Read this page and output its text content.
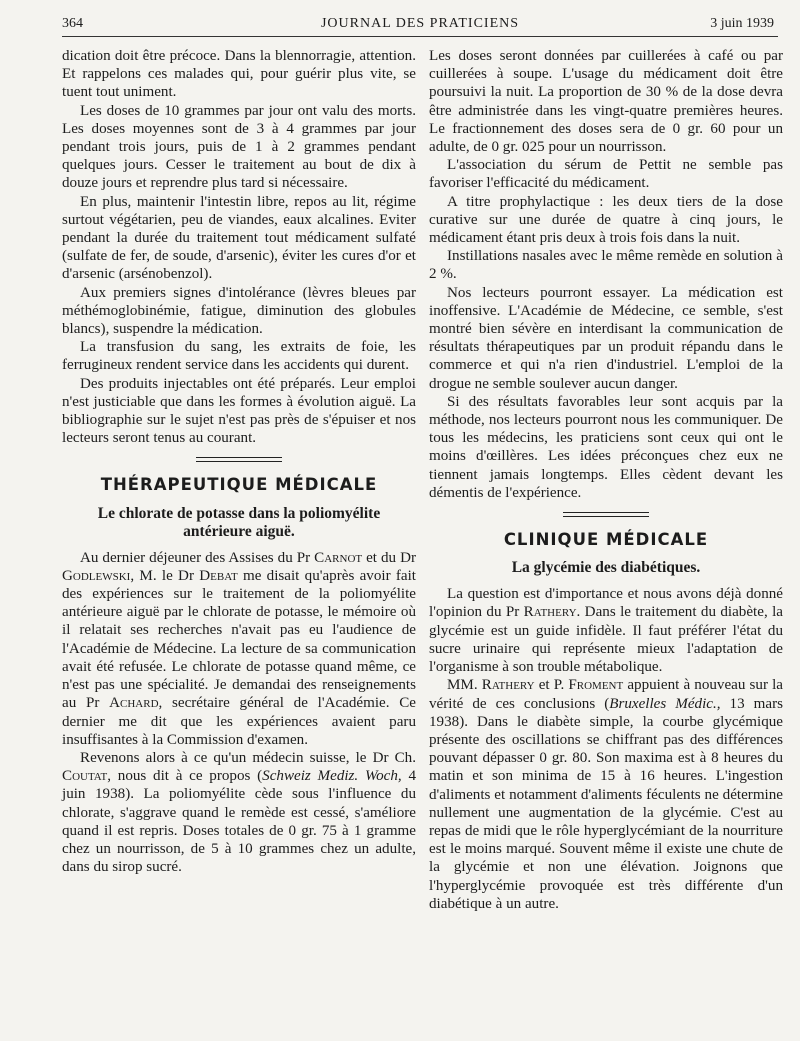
364	JOURNAL DES PRATICIENS	3 juin 1939

dication doit être précoce. Dans la blennorragie, attention. Et rappelons ces malades qui, pour guérir plus vite, se tuent tout uniment.

Les doses de 10 grammes par jour ont valu des morts. Les doses moyennes sont de 3 à 4 grammes par jour pendant trois jours, puis de 1 à 2 grammes pendant quelques jours. Cesser le traitement au bout de dix à douze jours et reprendre plus tard si nécessaire.

En plus, maintenir l'intestin libre, repos au lit, régime surtout végétarien, peu de viandes, eaux alcalines. Eviter pendant la durée du traitement tout médicament sulfaté (sulfate de fer, de soude, d'arsenic), éviter les cures d'or et d'arsenic (arsénobenzol).

Aux premiers signes d'intolérance (lèvres bleues par méthémoglobinémie, fatigue, diminution des globules blancs), suspendre la médication.

La transfusion du sang, les extraits de foie, les ferrugineux rendent service dans les accidents qui durent.

Des produits injectables ont été préparés. Leur emploi n'est justiciable que dans les formes à évolution aiguë. La bibliographie sur le sujet n'est pas près de s'épuiser et nos lecteurs seront tenus au courant.

THÉRAPEUTIQUE MÉDICALE
Le chlorate de potasse dans la poliomyélite antérieure aiguë.

Au dernier déjeuner des Assises du Pr Carnot et du Dr Godlewski, M. le Dr Debat me disait qu'après avoir fait des expériences sur le traitement de la poliomyélite antérieure aiguë par le chlorate de potasse, le mémoire où il relatait ses recherches n'avait pas eu l'audience de l'Académie de Médecine. La lecture de sa communication avait été refusée. Le chlorate de potasse quand même, ce n'est pas une spécialité. Je demandai des renseignements au Pr Achard, secrétaire général de l'Académie. Ce dernier me dit que les expériences avaient paru insuffisantes à la Commission d'examen.

Revenons alors à ce qu'un médecin suisse, le Dr Ch. Coutat, nous dit à ce propos (Schweiz Mediz. Woch, 4 juin 1938). La poliomyélite cède sous l'influence du chlorate, s'aggrave quand le remède est cessé, s'améliore quand il est repris. Doses totales de 0 gr. 75 à 1 gramme chez un nourrisson, de 5 à 10 grammes chez un adulte, dans du sirop sucré.

Les doses seront données par cuillerées à café ou par cuillerées à soupe. L'usage du médicament doit être poursuivi la nuit. La proportion de 30 % de la dose devra être administrée dans les vingt-quatre premières heures. Le fractionnement des doses sera de 0 gr. 60 pour un adulte, de 0 gr. 025 pour un nourrisson.

L'association du sérum de Pettit ne semble pas favoriser l'efficacité du médicament.

A titre prophylactique : les deux tiers de la dose curative sur une durée de quatre à cinq jours, le médicament étant pris deux à trois fois dans la nuit.

Instillations nasales avec le même remède en solution à 2 %.

Nos lecteurs pourront essayer. La médication est inoffensive. L'Académie de Médecine, ce semble, s'est montré bien sévère en interdisant la communication de résultats thérapeutiques par un produit répandu dans le commerce et qui n'a rien d'industriel. L'emploi de la drogue ne semble soulever aucun danger.

Si des résultats favorables leur sont acquis par la méthode, nos lecteurs pourront nous les communiquer. De tous les médecins, les praticiens sont ceux qui ont le moins d'œillères. Les idées préconçues chez eux ne tiennent jamais longtemps. Elles cèdent devant les démentis de l'expérience.

CLINIQUE MÉDICALE
La glycémie des diabétiques.

La question est d'importance et nous avons déjà donné l'opinion du Pr Rathery. Dans le traitement du diabète, la glycémie est un guide infidèle. Il faut préférer l'état du sucre urinaire qui représente mieux l'adaptation de l'organisme à son trouble métabolique.

MM. Rathery et P. Froment appuient à nouveau sur la vérité de ces conclusions (Bruxelles Médic., 13 mars 1938). Dans le diabète simple, la courbe glycémique présente des oscillations se chiffrant pas des différences pouvant dépasser 0 gr. 80. Son maxima est à 8 heures du matin et son minima de 15 à 16 heures. L'ingestion d'aliments et notamment d'aliments féculents ne détermine nullement une augmentation de la glycémie. C'est au repas de midi que le rôle hyperglycémiant de la nourriture est le moins marqué. Souvent même il existe une chute de la glycémie et non une élévation. Joignons que l'hyperglycémie provoquée est très différente d'un diabétique à un autre.
